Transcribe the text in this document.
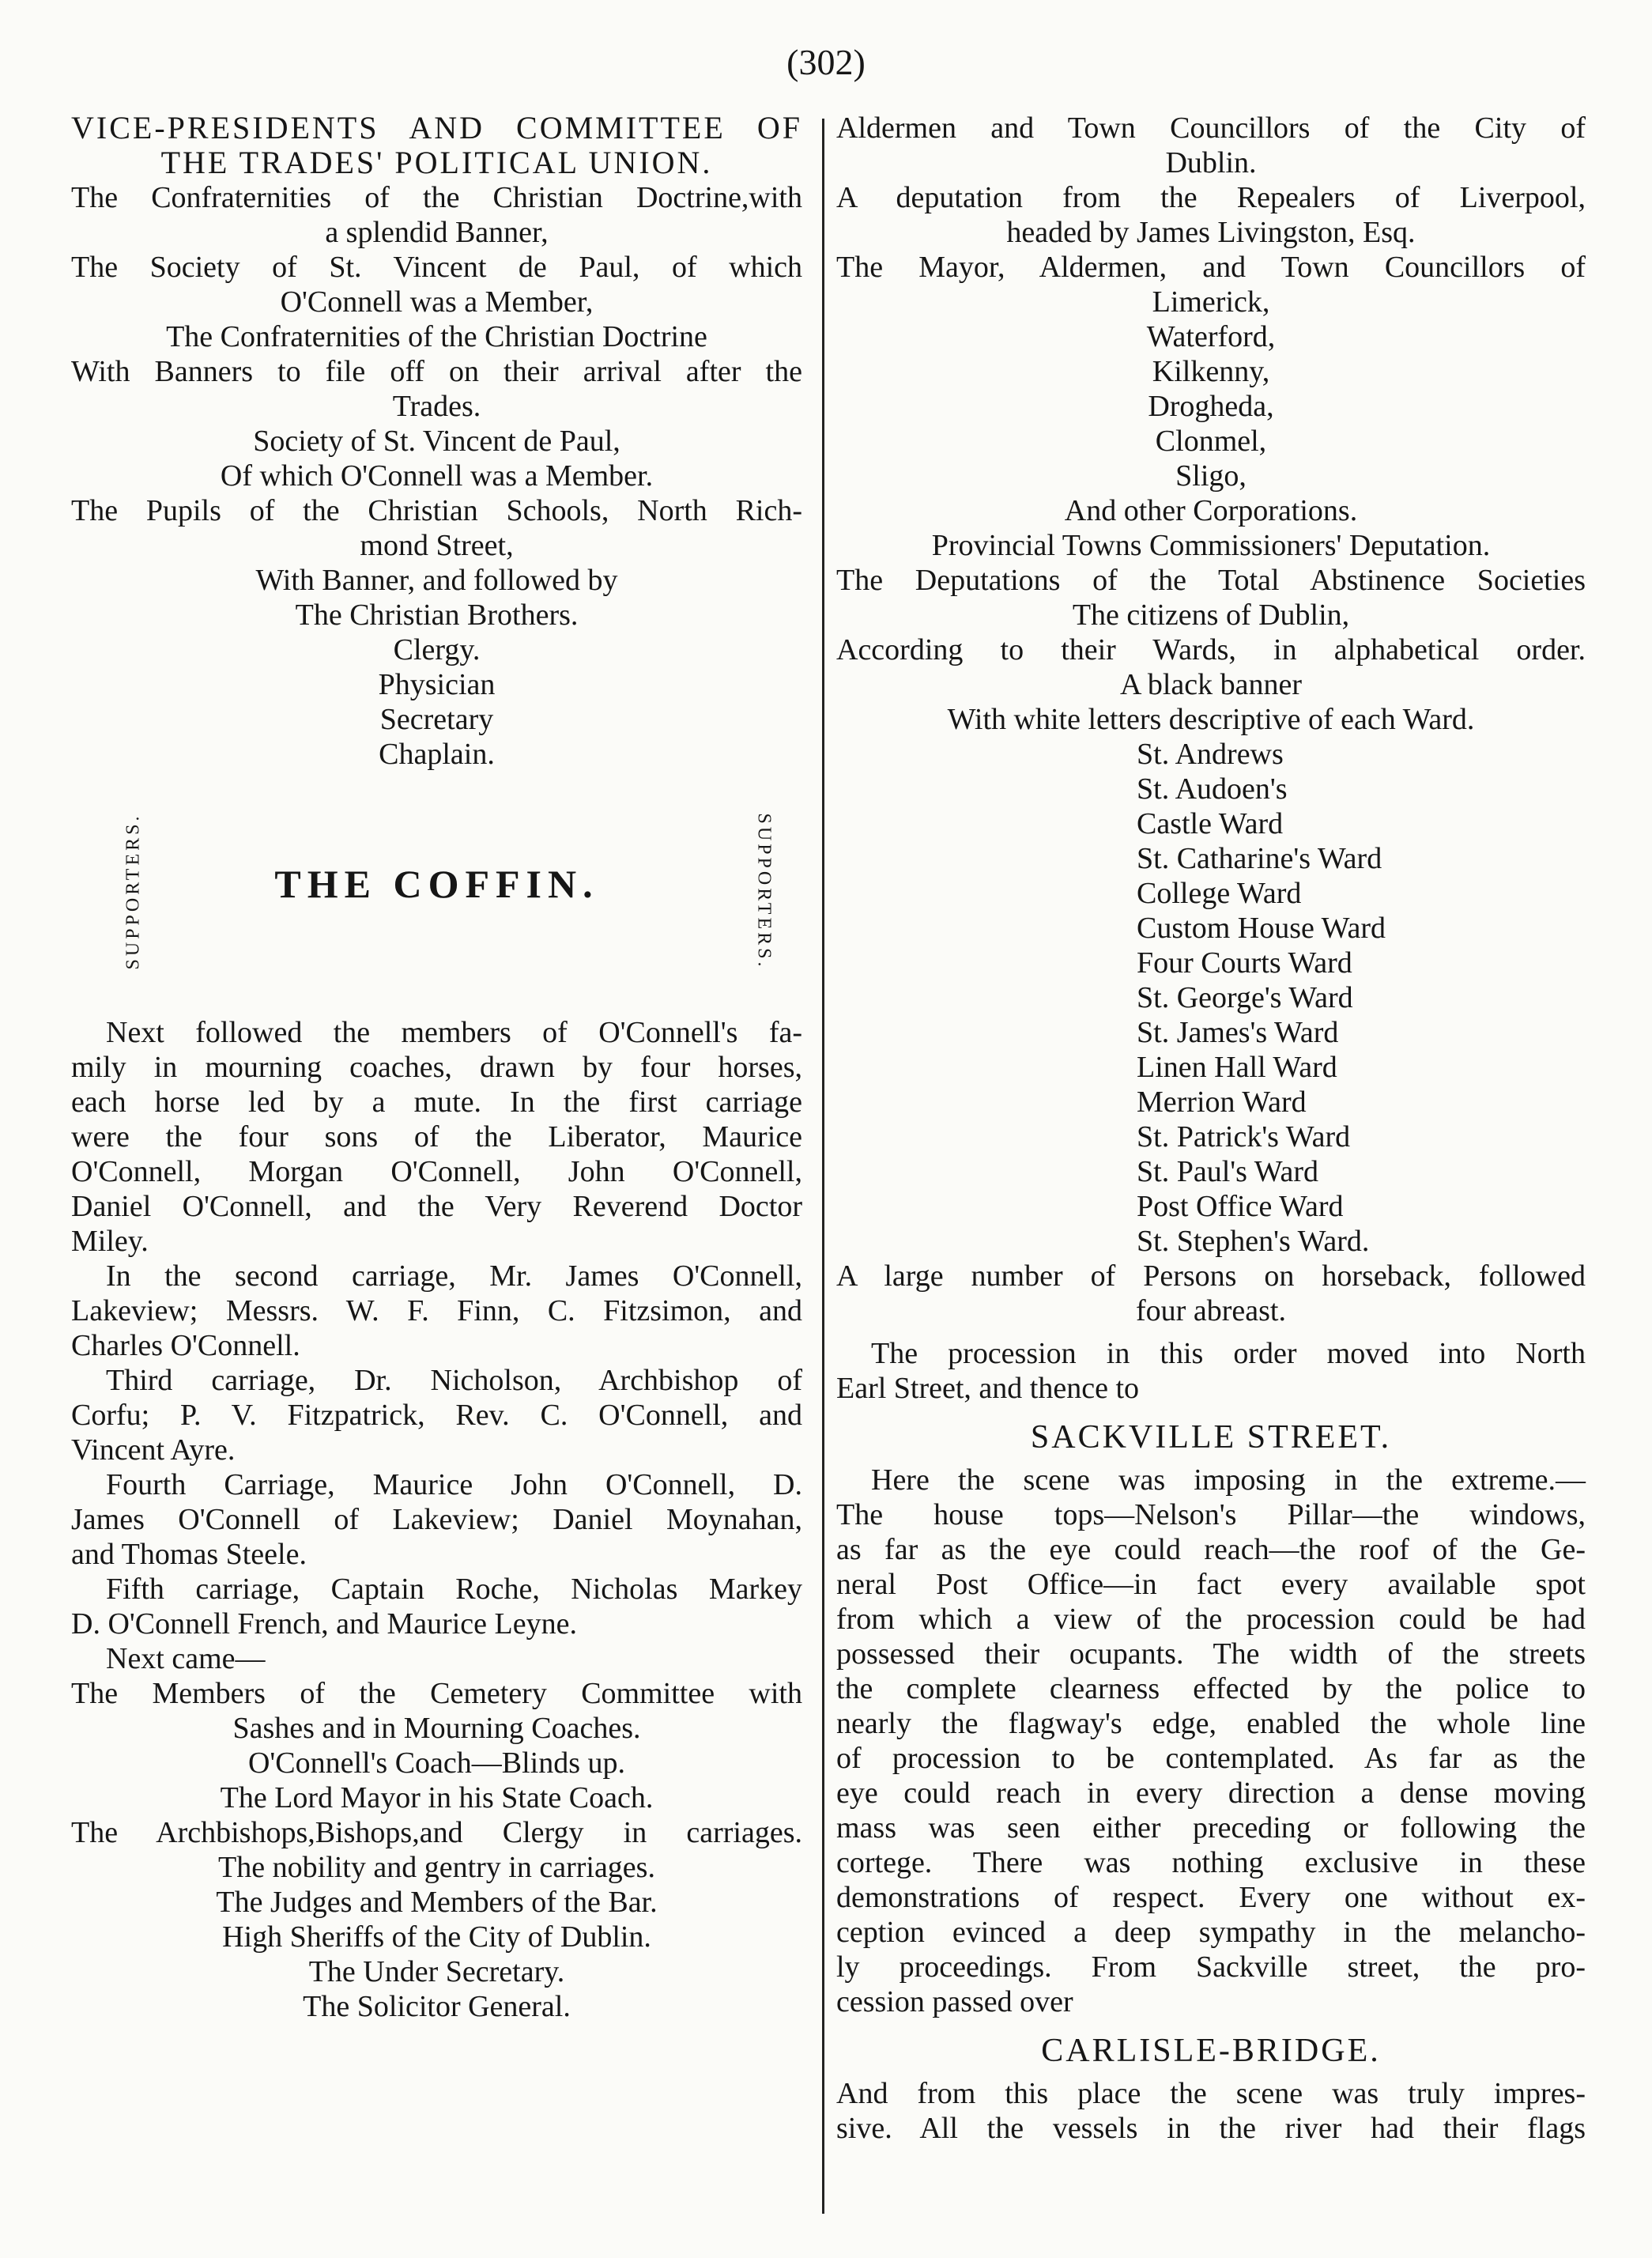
(302)
VICE-PRESIDENTS AND COMMITTEE OF
THE TRADES' POLITICAL UNION.
The Confraternities of the Christian Doctrine,with
a splendid Banner,
The Society of St. Vincent de Paul, of which
O'Connell was a Member,
The Confraternities of the Christian Doctrine
With Banners to file off on their arrival after the
Trades.
Society of St. Vincent de Paul,
Of which O'Connell was a Member.
The Pupils of the Christian Schools, North Rich-
mond Street,
With Banner, and followed by
The Christian Brothers.
Clergy.
Physician
Secretary
Chaplain.
SUPPORTERS.	THE COFFIN.	SUPPORTERS.
Next followed the members of O'Connell's fa-
mily in mourning coaches, drawn by four horses,
each horse led by a mute. In the first carriage
were the four sons of the Liberator, Maurice
O'Connell, Morgan O'Connell, John O'Connell,
Daniel O'Connell, and the Very Reverend Doctor
Miley.
In the second carriage, Mr. James O'Connell,
Lakeview; Messrs. W. F. Finn, C. Fitzsimon, and
Charles O'Connell.
Third carriage, Dr. Nicholson, Archbishop of
Corfu; P. V. Fitzpatrick, Rev. C. O'Connell, and
Vincent Ayre.
Fourth Carriage, Maurice John O'Connell, D.
James O'Connell of Lakeview; Daniel Moynahan,
and Thomas Steele.
Fifth carriage, Captain Roche, Nicholas Markey
D. O'Connell French, and Maurice Leyne.
Next came—
The Members of the Cemetery Committee with
Sashes and in Mourning Coaches.
O'Connell's Coach—Blinds up.
The Lord Mayor in his State Coach.
The Archbishops,Bishops,and Clergy in carriages.
The nobility and gentry in carriages.
The Judges and Members of the Bar.
High Sheriffs of the City of Dublin.
The Under Secretary.
The Solicitor General.
Aldermen and Town Councillors of the City of
Dublin.
A deputation from the Repealers of Liverpool,
headed by James Livingston, Esq.
The Mayor, Aldermen, and Town Councillors of
Limerick,
Waterford,
Kilkenny,
Drogheda,
Clonmel,
Sligo,
And other Corporations.
Provincial Towns Commissioners' Deputation.
The Deputations of the Total Abstinence Societies
The citizens of Dublin,
According to their Wards, in alphabetical order.
A black banner
With white letters descriptive of each Ward.
St. Andrews
St. Audoen's
Castle Ward
St. Catharine's Ward
College Ward
Custom House Ward
Four Courts Ward
St. George's Ward
St. James's Ward
Linen Hall Ward
Merrion Ward
St. Patrick's Ward
St. Paul's Ward
Post Office Ward
St. Stephen's Ward.
A large number of Persons on horseback, followed
four abreast.
The procession in this order moved into North
Earl Street, and thence to
SACKVILLE STREET.
Here the scene was imposing in the extreme.—
The house tops—Nelson's Pillar—the windows,
as far as the eye could reach—the roof of the Ge-
neral Post Office—in fact every available spot
from which a view of the procession could be had
possessed their ocupants. The width of the streets
the complete clearness effected by the police to
nearly the flagway's edge, enabled the whole line
of procession to be contemplated. As far as the
eye could reach in every direction a dense moving
mass was seen either preceding or following the
cortege. There was nothing exclusive in these
demonstrations of respect. Every one without ex-
ception evinced a deep sympathy in the melancho-
ly proceedings. From Sackville street, the pro-
cession passed over
CARLISLE-BRIDGE.
And from this place the scene was truly impres-
sive. All the vessels in the river had their flags
